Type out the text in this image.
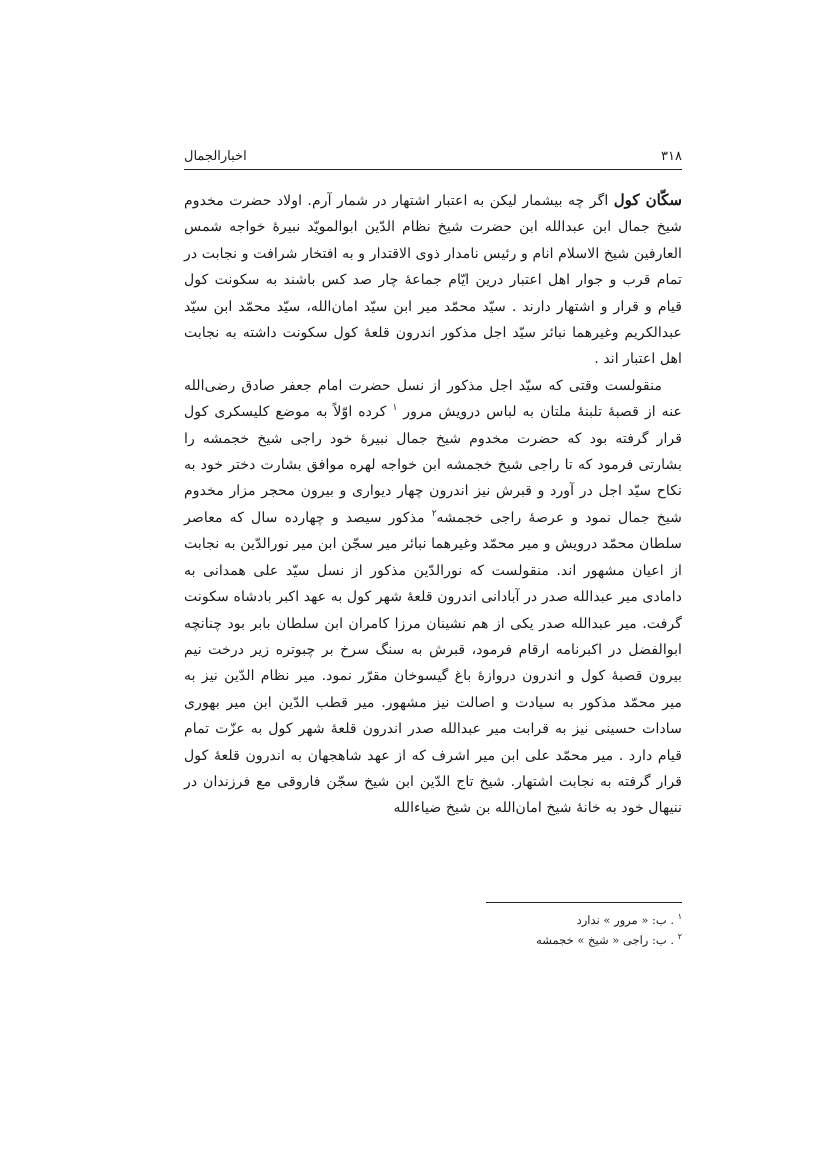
۳۱۸
اخبارالجمال

سکّان کول اگر چه بیشمار لیکن به اعتبار اشتهار در شمار آرم. اولاد حضرت مخدوم شیخ جمال ابن عبدالله ابن حضرت شیخ نظام الدّین ابوالمویّد نبیرهٔ خواجه شمس العارفین شیخ الاسلام انام و رئیس نامدار ذوی الاقتدار و به افتخار شرافت و نجابت در تمام قرب و جوار اهل اعتبار درین ایّام جماعهٔ چار صد کس باشند به سکونت کول قیام و قرار و اشتهار دارند . سیّد محمّد میر ابن سیّد امان‌الله، سیّد محمّد ابن سیّد عبدالکریم وغیرهما نبائر سیّد اجل مذکور اندرون قلعهٔ کول سکونت داشته به نجابت اهل اعتبار اند .

منقولست وقتی که سیّد اجل مذکور از نسل حضرت امام جعفر صادق رضی‌الله عنه از قصبهٔ تلبنهٔ ملتان به لباس درویش مرور $^۱$ کرده اوّلاً به موضع کلیسکری کول قرار گرفته بود که حضرت مخدوم شیخ جمال نبیرهٔ خود راجی شیخ خجمشه را بشارتی فرمود که تا راجی شیخ خجمشه ابن خواجه لهره موافق بشارت دختر خود به نکاح سیّد اجل در آورد و قبرش نیز اندرون چهار دیواری و بیرون محجر مزار مخدوم شیخ جمال نمود و عرصهٔ راجی خجمشه$^۲$ مذکور سیصد و چهارده سال که معاصر سلطان محمّد درویش و میر محمّد وغیرهما نبائر میر سجّن ابن میر نورالدّین به نجابت از اعیان مشهور اند. منقولست که نورالدّین مذکور از نسل سیّد علی همدانی به دامادی میر عبدالله صدر در آبادانی اندرون قلعهٔ شهر کول به عهد اکبر بادشاه سکونت گرفت. میر عبدالله صدر یکی از هم نشینان مرزا کامران ابن سلطان بابر بود چنانچه ابوالفضل در اکبرنامه ارقام فرمود، قبرش به سنگ سرخ بر چبوتره زیر درخت نیم بیرون قصبهٔ کول و اندرون دروازهٔ باغ گیسوخان مقرّر نمود. میر نظام الدّین نیز به میر محمّد مذکور به سیادت و اصالت نیز مشهور. میر قطب الدّین ابن میر بهوری سادات حسینی نیز به قرابت میر عبدالله صدر اندرون قلعهٔ شهر کول به عزّت تمام قیام دارد . میر محمّد علی ابن میر اشرف که از عهد شاهجهان به اندرون قلعهٔ کول قرار گرفته به نجابت اشتهار. شیخ تاج الدّین ابن شیخ سجّن فاروقی مع فرزندان در ننیهال خود به خانهٔ شیخ امان‌الله بن شیخ ضیاءالله

$^۱$ . ب: « مرور » ندارد

$^۲$ . ب: راجی « شیخ » خجمشه
